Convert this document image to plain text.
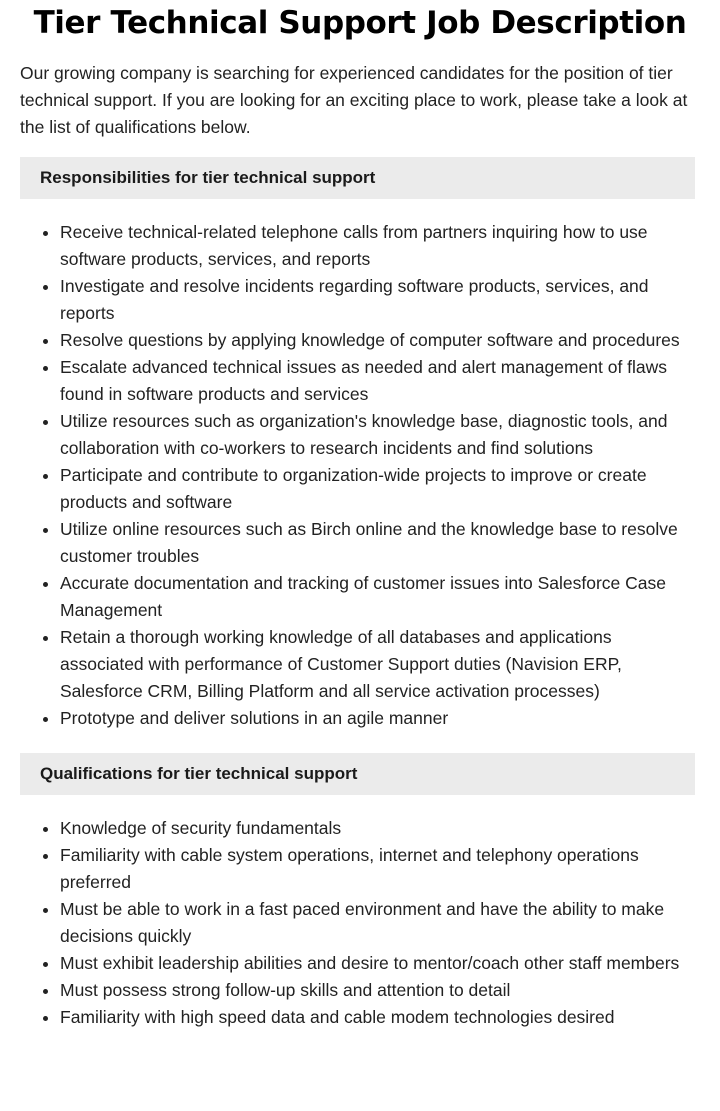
Tier Technical Support Job Description

Our growing company is searching for experienced candidates for the position of tier technical support. If you are looking for an exciting place to work, please take a look at the list of qualifications below.

Responsibilities for tier technical support
Receive technical-related telephone calls from partners inquiring how to use software products, services, and reports
Investigate and resolve incidents regarding software products, services, and reports
Resolve questions by applying knowledge of computer software and procedures
Escalate advanced technical issues as needed and alert management of flaws found in software products and services
Utilize resources such as organization's knowledge base, diagnostic tools, and collaboration with co-workers to research incidents and find solutions
Participate and contribute to organization-wide projects to improve or create products and software
Utilize online resources such as Birch online and the knowledge base to resolve customer troubles
Accurate documentation and tracking of customer issues into Salesforce Case Management
Retain a thorough working knowledge of all databases and applications associated with performance of Customer Support duties (Navision ERP, Salesforce CRM, Billing Platform and all service activation processes)
Prototype and deliver solutions in an agile manner
Qualifications for tier technical support
Knowledge of security fundamentals
Familiarity with cable system operations, internet and telephony operations preferred
Must be able to work in a fast paced environment and have the ability to make decisions quickly
Must exhibit leadership abilities and desire to mentor/coach other staff members
Must possess strong follow-up skills and attention to detail
Familiarity with high speed data and cable modem technologies desired
